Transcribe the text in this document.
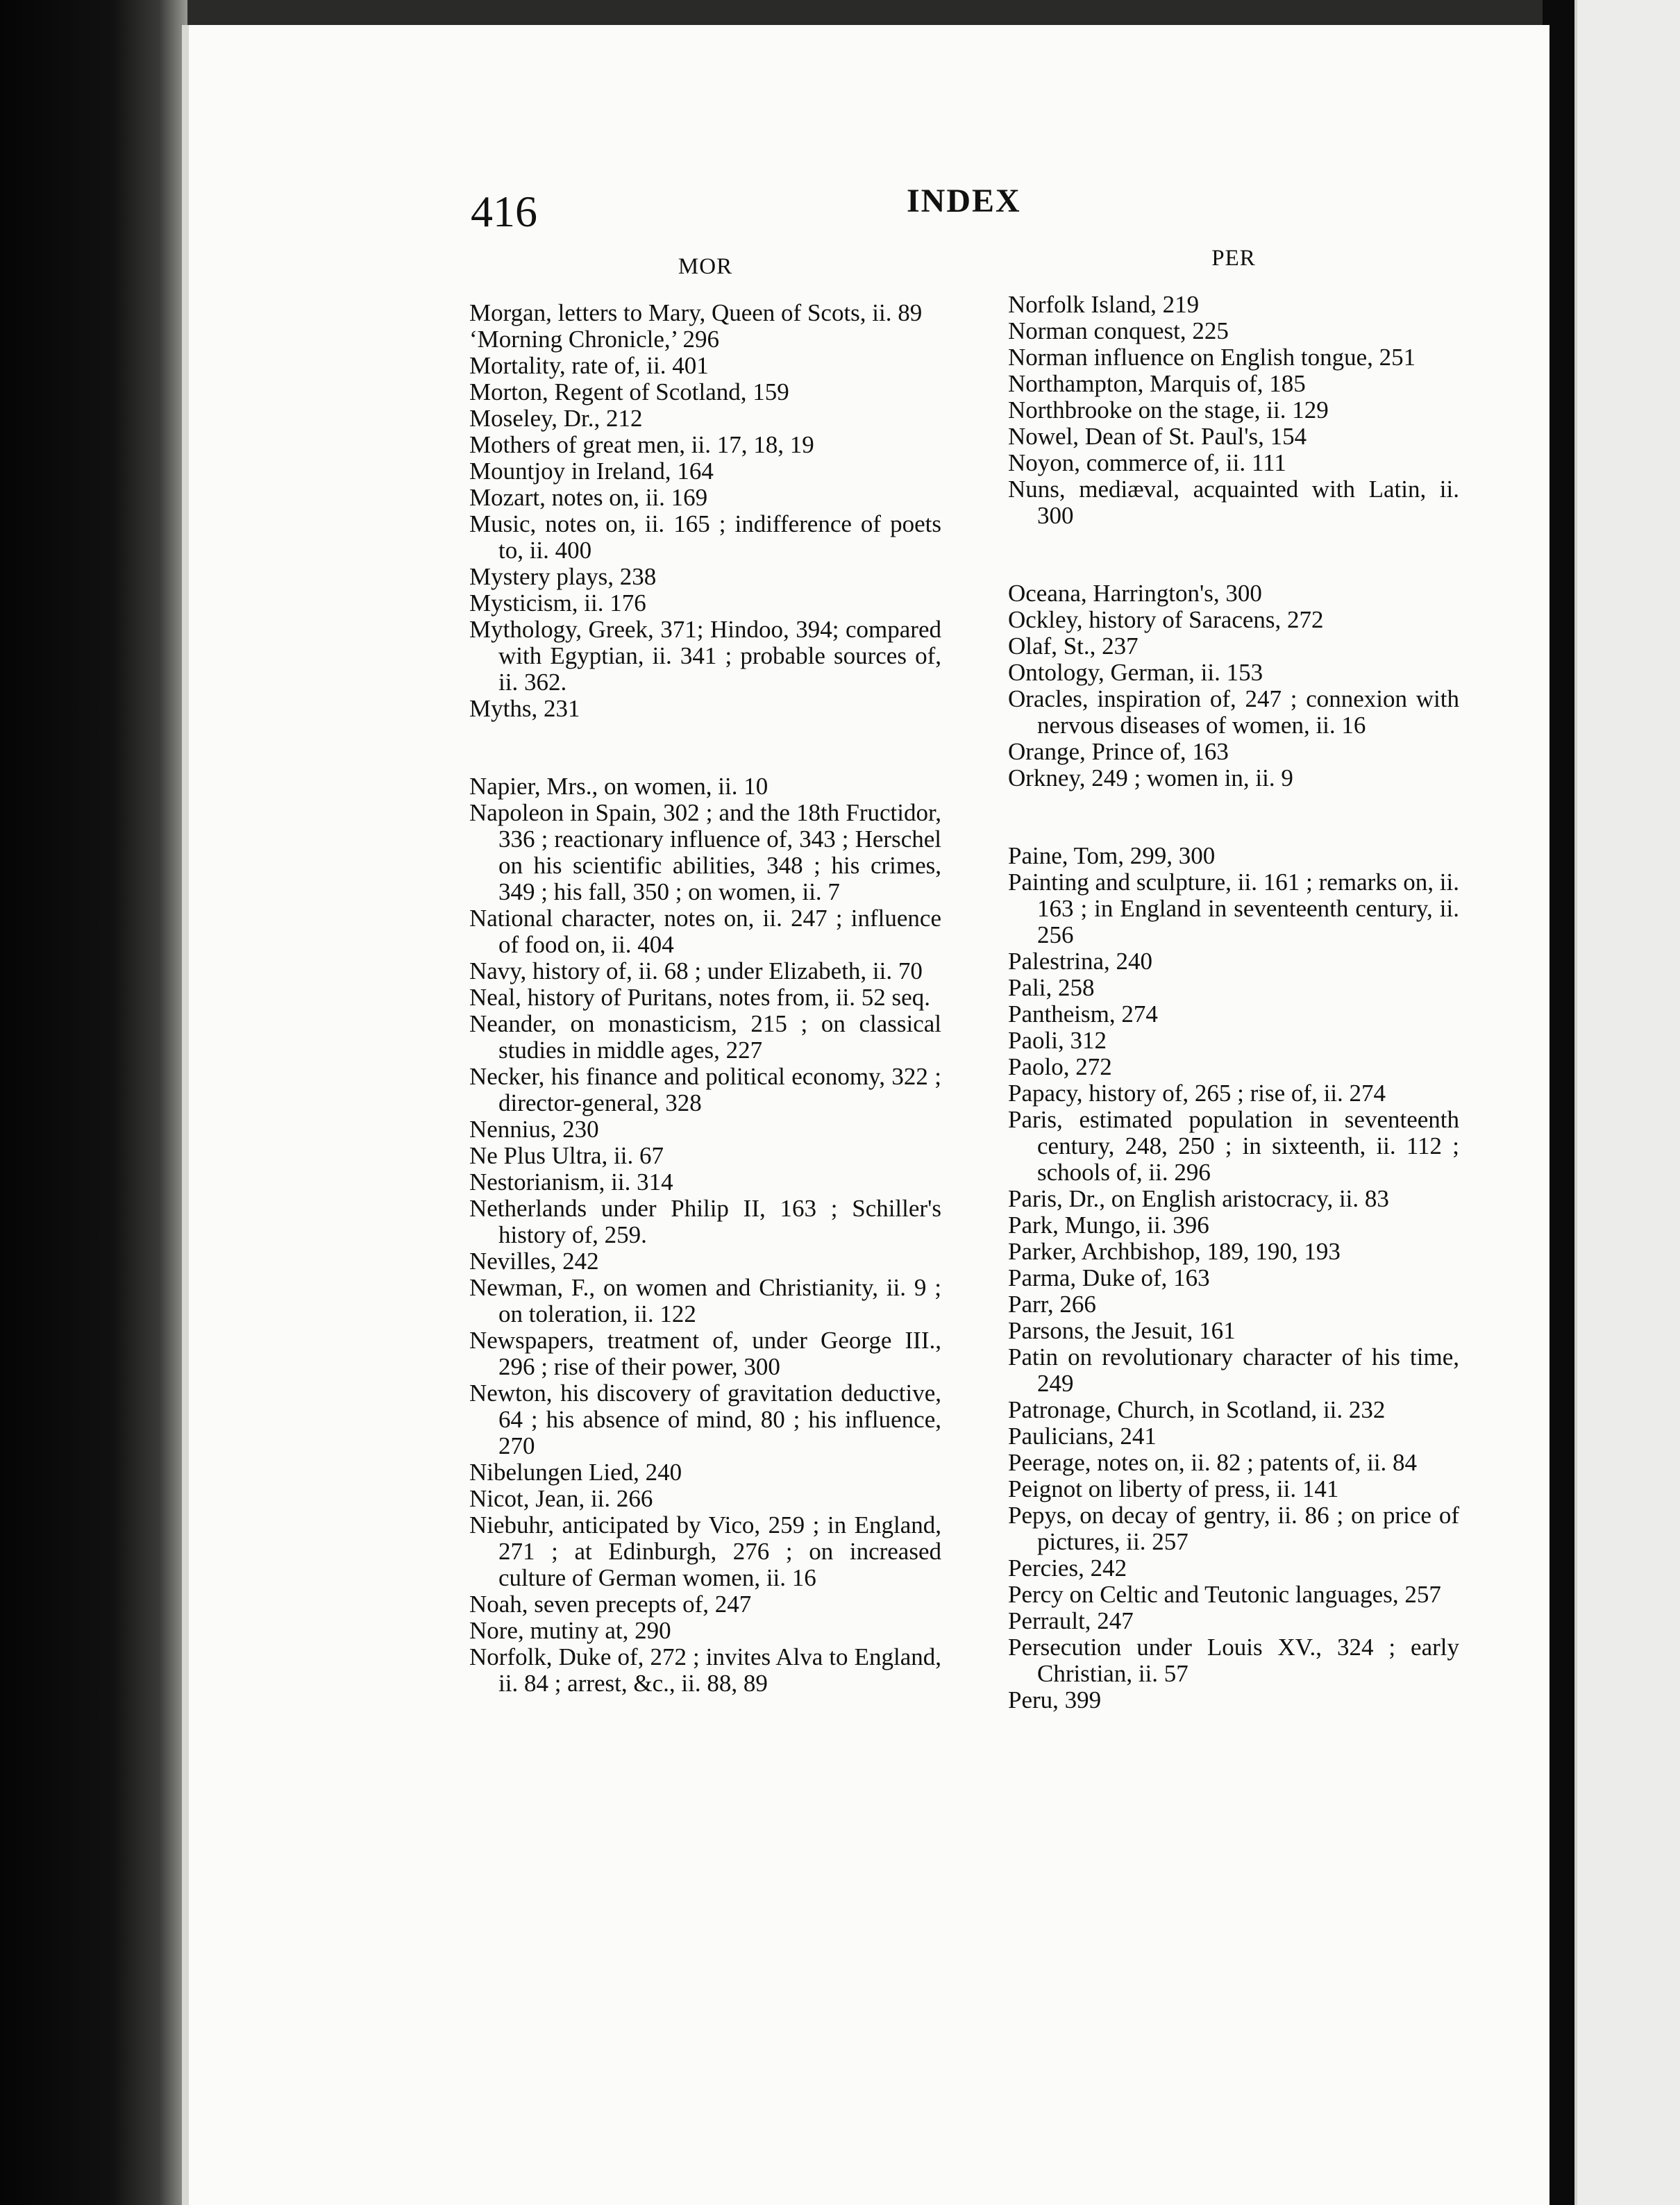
416	INDEX
MOR
Morgan, letters to Mary, Queen of Scots, ii. 89
‘Morning Chronicle,’ 296
Mortality, rate of, ii. 401
Morton, Regent of Scotland, 159
Moseley, Dr., 212
Mothers of great men, ii. 17, 18, 19
Mountjoy in Ireland, 164
Mozart, notes on, ii. 169
Music, notes on, ii. 165 ; indifference of poets to, ii. 400
Mystery plays, 238
Mysticism, ii. 176
Mythology, Greek, 371; Hindoo, 394; compared with Egyptian, ii. 341 ; probable sources of, ii. 362.
Myths, 231
Napier, Mrs., on women, ii. 10
Napoleon in Spain, 302 ; and the 18th Fructidor, 336 ; reactionary influence of, 343 ; Herschel on his scientific abilities, 348 ; his crimes, 349 ; his fall, 350 ; on women, ii. 7
National character, notes on, ii. 247 ; influence of food on, ii. 404
Navy, history of, ii. 68 ; under Elizabeth, ii. 70
Neal, history of Puritans, notes from, ii. 52 seq.
Neander, on monasticism, 215 ; on classical studies in middle ages, 227
Necker, his finance and political economy, 322 ; director-general, 328
Nennius, 230
Ne Plus Ultra, ii. 67
Nestorianism, ii. 314
Netherlands under Philip II, 163 ; Schiller's history of, 259.
Nevilles, 242
Newman, F., on women and Christianity, ii. 9 ; on toleration, ii. 122
Newspapers, treatment of, under George III., 296 ; rise of their power, 300
Newton, his discovery of gravitation deductive, 64 ; his absence of mind, 80 ; his influence, 270
Nibelungen Lied, 240
Nicot, Jean, ii. 266
Niebuhr, anticipated by Vico, 259 ; in England, 271 ; at Edinburgh, 276 ; on increased culture of German women, ii. 16
Noah, seven precepts of, 247
Nore, mutiny at, 290
Norfolk, Duke of, 272 ; invites Alva to England, ii. 84 ; arrest, &c., ii. 88, 89
PER
Norfolk Island, 219
Norman conquest, 225
Norman influence on English tongue, 251
Northampton, Marquis of, 185
Northbrooke on the stage, ii. 129
Nowel, Dean of St. Paul's, 154
Noyon, commerce of, ii. 111
Nuns, mediæval, acquainted with Latin, ii. 300
Oceana, Harrington's, 300
Ockley, history of Saracens, 272
Olaf, St., 237
Ontology, German, ii. 153
Oracles, inspiration of, 247 ; connexion with nervous diseases of women, ii. 16
Orange, Prince of, 163
Orkney, 249 ; women in, ii. 9
Paine, Tom, 299, 300
Painting and sculpture, ii. 161 ; remarks on, ii. 163 ; in England in seventeenth century, ii. 256
Palestrina, 240
Pali, 258
Pantheism, 274
Paoli, 312
Paolo, 272
Papacy, history of, 265 ; rise of, ii. 274
Paris, estimated population in seventeenth century, 248, 250 ; in sixteenth, ii. 112 ; schools of, ii. 296
Paris, Dr., on English aristocracy, ii. 83
Park, Mungo, ii. 396
Parker, Archbishop, 189, 190, 193
Parma, Duke of, 163
Parr, 266
Parsons, the Jesuit, 161
Patin on revolutionary character of his time, 249
Patronage, Church, in Scotland, ii. 232
Paulicians, 241
Peerage, notes on, ii. 82 ; patents of, ii. 84
Peignot on liberty of press, ii. 141
Pepys, on decay of gentry, ii. 86 ; on price of pictures, ii. 257
Percies, 242
Percy on Celtic and Teutonic languages, 257
Perrault, 247
Persecution under Louis XV., 324 ; early Christian, ii. 57
Peru, 399
